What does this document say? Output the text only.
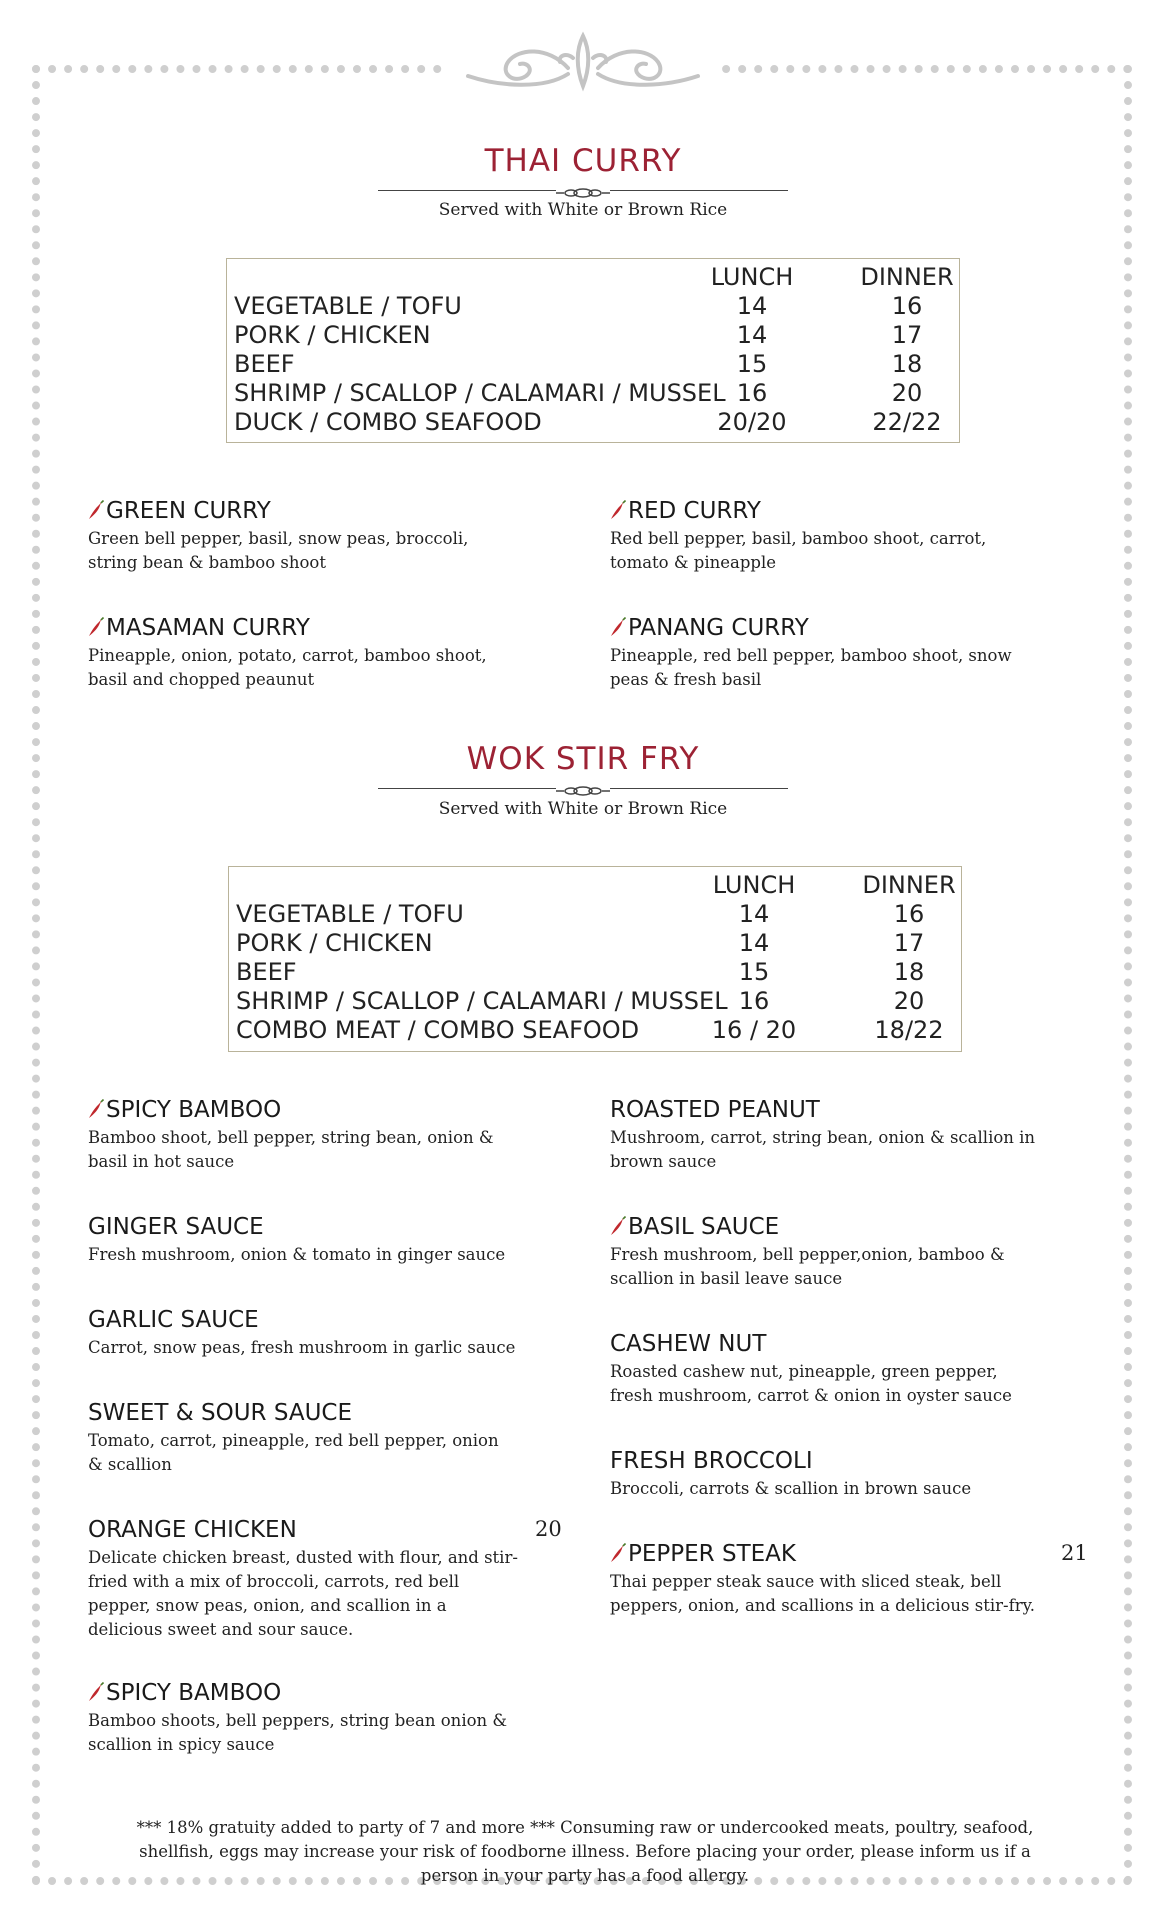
THAI CURRY
Served with White or Brown Rice
LUNCH	DINNER
VEGETABLE / TOFU	14	16
PORK / CHICKEN	14	17
BEEF	15	18
SHRIMP / SCALLOP / CALAMARI / MUSSEL 16	20
DUCK / COMBO SEAFOOD	20/20	22/22
GREEN CURRY
Green bell pepper, basil, snow peas, broccoli, string bean & bamboo shoot
RED CURRY
Red bell pepper, basil, bamboo shoot, carrot, tomato & pineapple
MASAMAN CURRY
Pineapple, onion, potato, carrot, bamboo shoot, basil and chopped peaunut
PANANG CURRY
Pineapple, red bell pepper, bamboo shoot, snow peas & fresh basil
WOK STIR FRY
Served with White or Brown Rice
LUNCH	DINNER
VEGETABLE / TOFU	14	16
PORK / CHICKEN	14	17
BEEF	15	18
SHRIMP / SCALLOP / CALAMARI / MUSSEL 16	20
COMBO MEAT / COMBO SEAFOOD	16 / 20	18/22
SPICY BAMBOO
Bamboo shoot, bell pepper, string bean, onion & basil in hot sauce
GINGER SAUCE
Fresh mushroom, onion & tomato in ginger sauce
GARLIC SAUCE
Carrot, snow peas, fresh mushroom in garlic sauce
SWEET & SOUR SAUCE
Tomato, carrot, pineapple, red bell pepper, onion & scallion
ORANGE CHICKEN
Delicate chicken breast, dusted with flour, and stir-fried with a mix of broccoli, carrots, red bell pepper, snow peas, onion, and scallion in a delicious sweet and sour sauce.
20
SPICY BAMBOO
Bamboo shoots, bell peppers, string bean onion & scallion in spicy sauce
ROASTED PEANUT
Mushroom, carrot, string bean, onion & scallion in brown sauce
BASIL SAUCE
Fresh mushroom, bell pepper,onion, bamboo & scallion in basil leave sauce
CASHEW NUT
Roasted cashew nut, pineapple, green pepper, fresh mushroom, carrot & onion in oyster sauce
FRESH BROCCOLI
Broccoli, carrots & scallion in brown sauce
PEPPER STEAK
Thai pepper steak sauce with sliced steak, bell peppers, onion, and scallions in a delicious stir-fry.
21
*** 18% gratuity added to party of 7 and more *** Consuming raw or undercooked meats, poultry, seafood, shellfish, eggs may increase your risk of foodborne illness. Before placing your order, please inform us if a person in your party has a food allergy.
